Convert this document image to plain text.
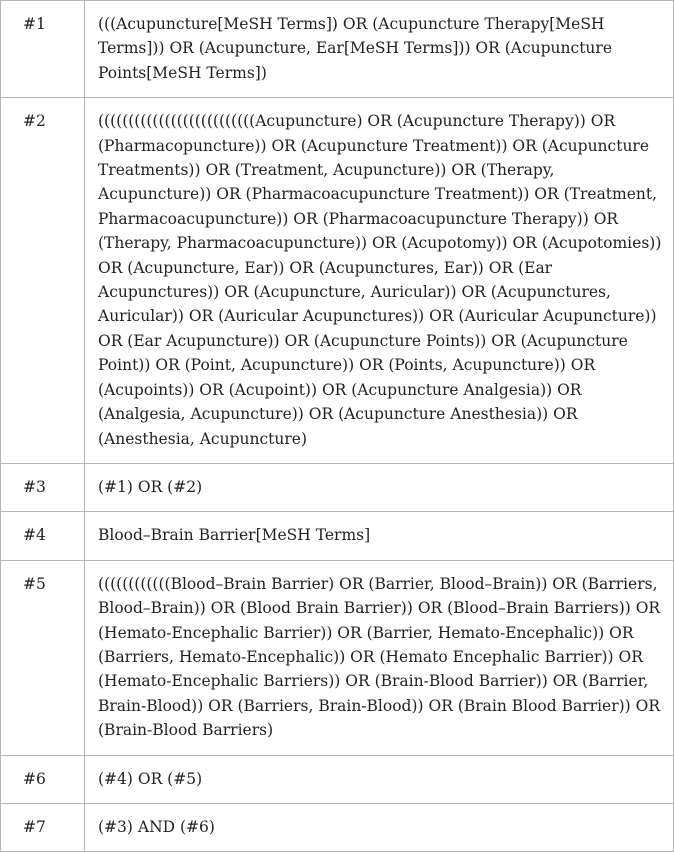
#1	(((Acupuncture[MeSH Terms]) OR (Acupuncture Therapy[MeSH Terms])) OR (Acupuncture, Ear[MeSH Terms])) OR (Acupuncture Points[MeSH Terms])
#2	((((((((((((((((((((((((((Acupuncture) OR (Acupuncture Therapy)) OR (Pharmacopuncture)) OR (Acupuncture Treatment)) OR (Acupuncture Treatments)) OR (Treatment, Acupuncture)) OR (Therapy, Acupuncture)) OR (Pharmacoacupuncture Treatment)) OR (Treatment, Pharmacoacupuncture)) OR (Pharmacoacupuncture Therapy)) OR (Therapy, Pharmacoacupuncture)) OR (Acupotomy)) OR (Acupotomies)) OR (Acupuncture, Ear)) OR (Acupunctures, Ear)) OR (Ear Acupunctures)) OR (Acupuncture, Auricular)) OR (Acupunctures, Auricular)) OR (Auricular Acupunctures)) OR (Auricular Acupuncture)) OR (Ear Acupuncture)) OR (Acupuncture Points)) OR (Acupuncture Point)) OR (Point, Acupuncture)) OR (Points, Acupuncture)) OR (Acupoints)) OR (Acupoint)) OR (Acupuncture Analgesia)) OR (Analgesia, Acupuncture)) OR (Acupuncture Anesthesia)) OR (Anesthesia, Acupuncture)
#3	(#1) OR (#2)
#4	Blood–Brain Barrier[MeSH Terms]
#5	((((((((((((Blood–Brain Barrier) OR (Barrier, Blood–Brain)) OR (Barriers, Blood–Brain)) OR (Blood Brain Barrier)) OR (Blood–Brain Barriers)) OR (Hemato-Encephalic Barrier)) OR (Barrier, Hemato-Encephalic)) OR (Barriers, Hemato-Encephalic)) OR (Hemato Encephalic Barrier)) OR (Hemato-Encephalic Barriers)) OR (Brain-Blood Barrier)) OR (Barrier, Brain-Blood)) OR (Barriers, Brain-Blood)) OR (Brain Blood Barrier)) OR (Brain-Blood Barriers)
#6	(#4) OR (#5)
#7	(#3) AND (#6)
